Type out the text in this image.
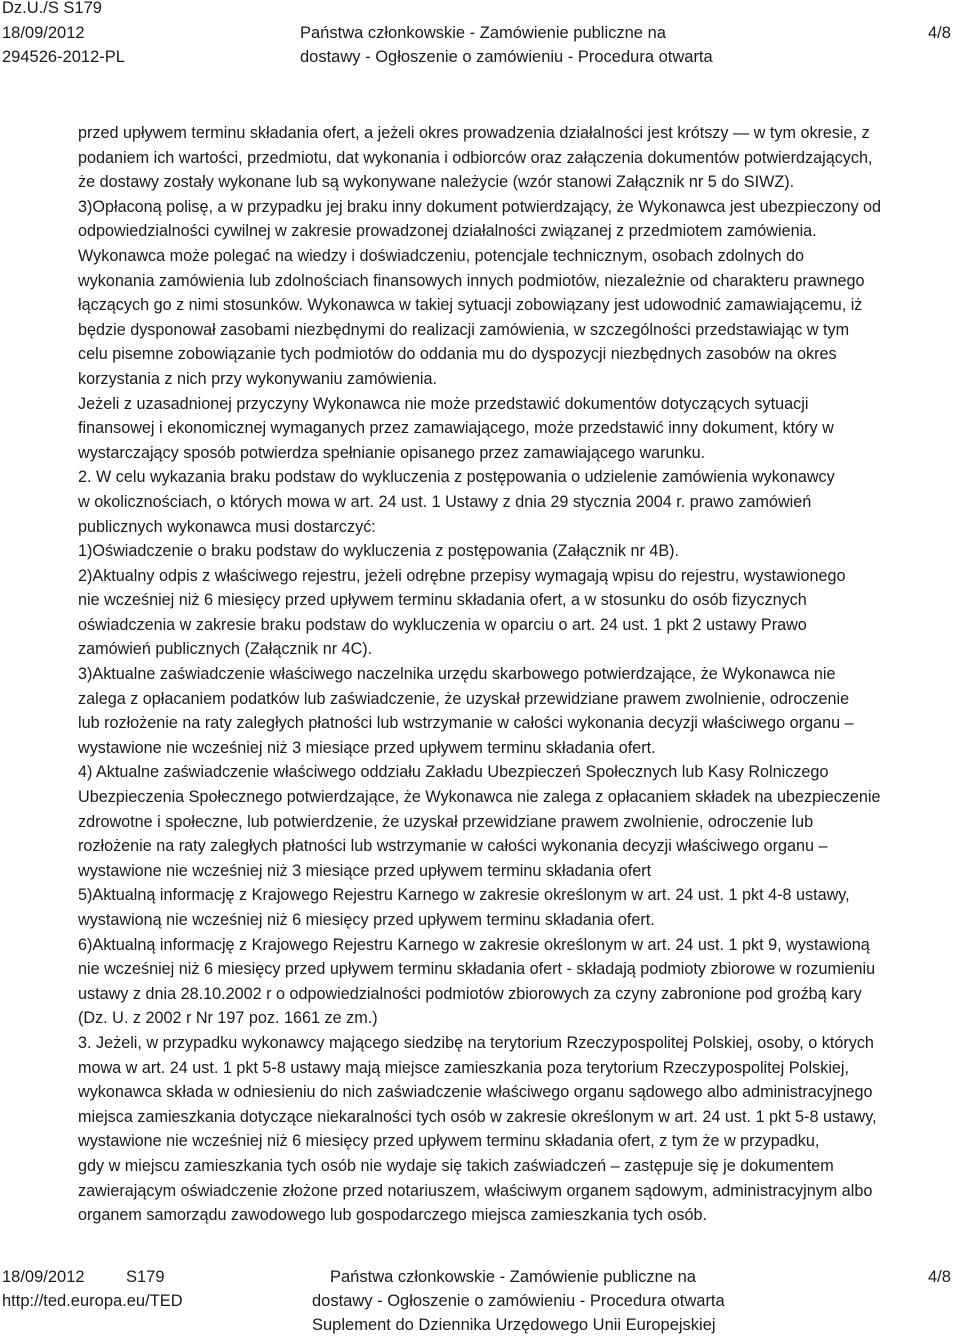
Dz.U./S S179
18/09/2012
294526-2012-PL
Państwa członkowskie - Zamówienie publiczne na
dostawy - Ogłoszenie o zamówieniu - Procedura otwarta
4/8
przed upływem terminu składania ofert, a jeżeli okres prowadzenia działalności jest krótszy — w tym okresie, z
podaniem ich wartości, przedmiotu, dat wykonania i odbiorców oraz załączenia dokumentów potwierdzających,
że dostawy zostały wykonane lub są wykonywane należycie (wzór stanowi Załącznik nr 5 do SIWZ).
3)Opłaconą polisę, a w przypadku jej braku inny dokument potwierdzający, że Wykonawca jest ubezpieczony od
odpowiedzialności cywilnej w zakresie prowadzonej działalności związanej z przedmiotem zamówienia.
Wykonawca może polegać na wiedzy i doświadczeniu, potencjale technicznym, osobach zdolnych do
wykonania zamówienia lub zdolnościach finansowych innych podmiotów, niezależnie od charakteru prawnego
łączących go z nimi stosunków. Wykonawca w takiej sytuacji zobowiązany jest udowodnić zamawiającemu, iż
będzie dysponował zasobami niezbędnymi do realizacji zamówienia, w szczególności przedstawiając w tym
celu pisemne zobowiązanie tych podmiotów do oddania mu do dyspozycji niezbędnych zasobów na okres
korzystania z nich przy wykonywaniu zamówienia.
Jeżeli z uzasadnionej przyczyny Wykonawca nie może przedstawić dokumentów dotyczących sytuacji
finansowej i ekonomicznej wymaganych przez zamawiającego, może przedstawić inny dokument, który w
wystarczający sposób potwierdza spełnianie opisanego przez zamawiającego warunku.
2. W celu wykazania braku podstaw do wykluczenia z postępowania o udzielenie zamówienia wykonawcy
w okolicznościach, o których mowa w art. 24 ust. 1 Ustawy z dnia 29 stycznia 2004 r. prawo zamówień
publicznych wykonawca musi dostarczyć:
1)Oświadczenie o braku podstaw do wykluczenia z postępowania (Załącznik nr 4B).
2)Aktualny odpis z właściwego rejestru, jeżeli odrębne przepisy wymagają wpisu do rejestru, wystawionego
nie wcześniej niż 6 miesięcy przed upływem terminu składania ofert, a w stosunku do osób fizycznych
oświadczenia w zakresie braku podstaw do wykluczenia w oparciu o art. 24 ust. 1 pkt 2 ustawy Prawo
zamówień publicznych (Załącznik nr 4C).
3)Aktualne zaświadczenie właściwego naczelnika urzędu skarbowego potwierdzające, że Wykonawca nie
zalega z opłacaniem podatków lub zaświadczenie, że uzyskał przewidziane prawem zwolnienie, odroczenie
lub rozłożenie na raty zaległych płatności lub wstrzymanie w całości wykonania decyzji właściwego organu –
wystawione nie wcześniej niż 3 miesiące przed upływem terminu składania ofert.
4) Aktualne zaświadczenie właściwego oddziału Zakładu Ubezpieczeń Społecznych lub Kasy Rolniczego
Ubezpieczenia Społecznego potwierdzające, że Wykonawca nie zalega z opłacaniem składek na ubezpieczenie
zdrowotne i społeczne, lub potwierdzenie, że uzyskał przewidziane prawem zwolnienie, odroczenie lub
rozłożenie na raty zaległych płatności lub wstrzymanie w całości wykonania decyzji właściwego organu –
wystawione nie wcześniej niż 3 miesiące przed upływem terminu składania ofert
5)Aktualną informację z Krajowego Rejestru Karnego w zakresie określonym w art. 24 ust. 1 pkt 4-8 ustawy,
wystawioną nie wcześniej niż 6 miesięcy przed upływem terminu składania ofert.
6)Aktualną informację z Krajowego Rejestru Karnego w zakresie określonym w art. 24 ust. 1 pkt 9, wystawioną
nie wcześniej niż 6 miesięcy przed upływem terminu składania ofert - składają podmioty zbiorowe w rozumieniu
ustawy z dnia 28.10.2002 r o odpowiedzialności podmiotów zbiorowych za czyny zabronione pod groźbą kary
(Dz. U. z 2002 r Nr 197 poz. 1661 ze zm.)
3. Jeżeli, w przypadku wykonawcy mającego siedzibę na terytorium Rzeczypospolitej Polskiej, osoby, o których
mowa w art. 24 ust. 1 pkt 5-8 ustawy mają miejsce zamieszkania poza terytorium Rzeczypospolitej Polskiej,
wykonawca składa w odniesieniu do nich zaświadczenie właściwego organu sądowego albo administracyjnego
miejsca zamieszkania dotyczące niekaralności tych osób w zakresie określonym w art. 24 ust. 1 pkt 5-8 ustawy,
wystawione nie wcześniej niż 6 miesięcy przed upływem terminu składania ofert, z tym że w przypadku,
gdy w miejscu zamieszkania tych osób nie wydaje się takich zaświadczeń – zastępuje się je dokumentem
zawierającym oświadczenie złożone przed notariuszem, właściwym organem sądowym, administracyjnym albo
organem samorządu zawodowego lub gospodarczego miejsca zamieszkania tych osób.
18/09/2012	S179
http://ted.europa.eu/TED
Państwa członkowskie - Zamówienie publiczne na
dostawy - Ogłoszenie o zamówieniu - Procedura otwarta
Suplement do Dziennika Urzędowego Unii Europejskiej
4/8
